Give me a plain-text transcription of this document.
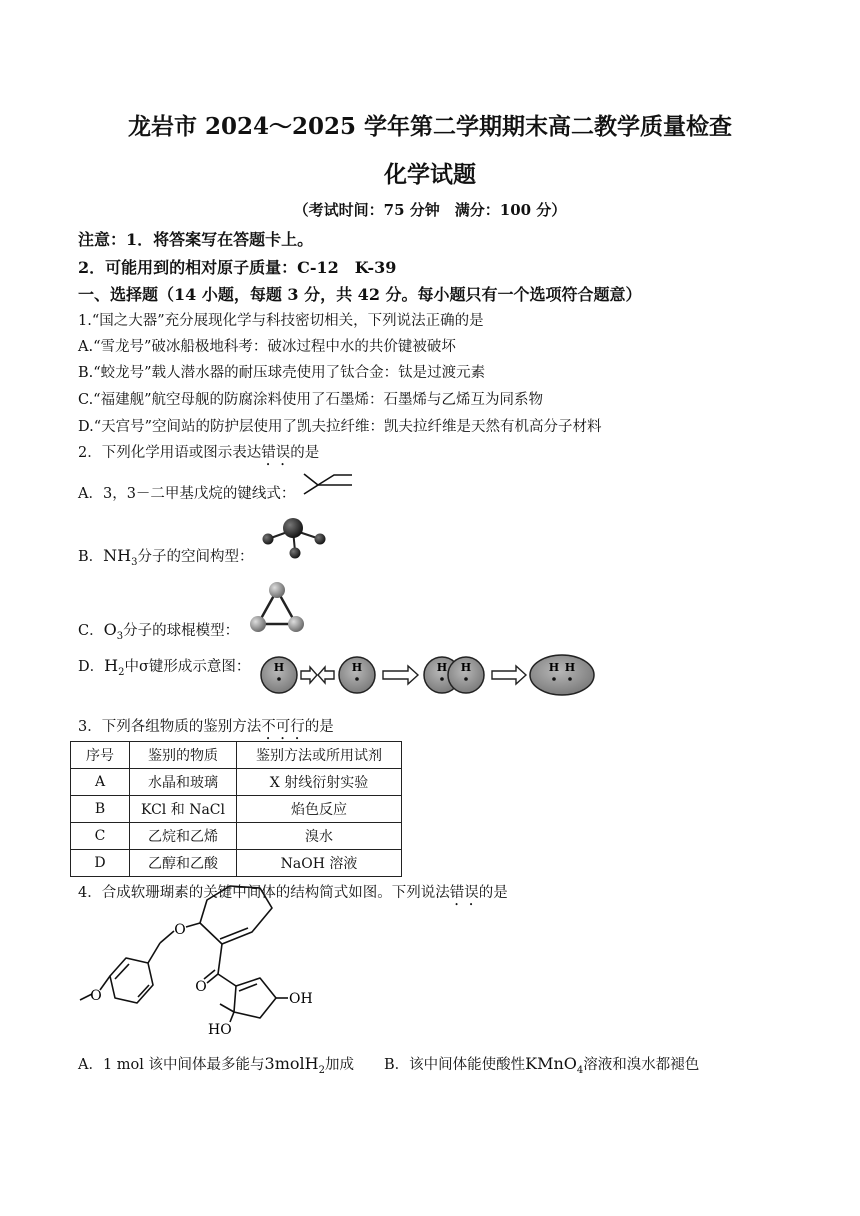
龙岩市 2024～2025 学年第二学期期末高二教学质量检查
化学试题
（考试时间：75 分钟　满分：100 分）
注意：1．将答案写在答题卡上。
2．可能用到的相对原子质量：C-12　K-39
一、选择题（14 小题，每题 3 分，共 42 分。每小题只有一个选项符合题意）
1.“国之大器”充分展现化学与科技密切相关，下列说法正确的是
A.“雪龙号”破冰船极地科考：破冰过程中水的共价键被破坏
B.“蛟龙号”载人潜水器的耐压球壳使用了钛合金：钛是过渡元素
C.“福建舰”航空母舰的防腐涂料使用了石墨烯：石墨烯与乙烯互为同系物
D.“天宫号”空间站的防护层使用了凯夫拉纤维：凯夫拉纤维是天然有机高分子材料
2．下列化学用语或图示表达错误的是
A．3，3－二甲基戊烷的键线式：
B．$NH_3$分子的空间构型：
C．$O_3$分子的球棍模型：
D．$H_2$中σ键形成示意图： H	H	H H	H H
3．下列各组物质的鉴别方法不可行的是
序号	鉴别的物质	鉴别方法或所用试剂
A	水晶和玻璃	X 射线衍射实验
B	KCl 和 NaCl	焰色反应
C	乙烷和乙烯	溴水
D	乙醇和乙酸	NaOH 溶液
4．合成软珊瑚素的关键中间体的结构简式如图。下列说法错误的是
O
O
O
OH
HO
A．1 mol 该中间体最多能与3molH$_2$加成 B．该中间体能使酸性KMnO$_4$溶液和溴水都褪色
